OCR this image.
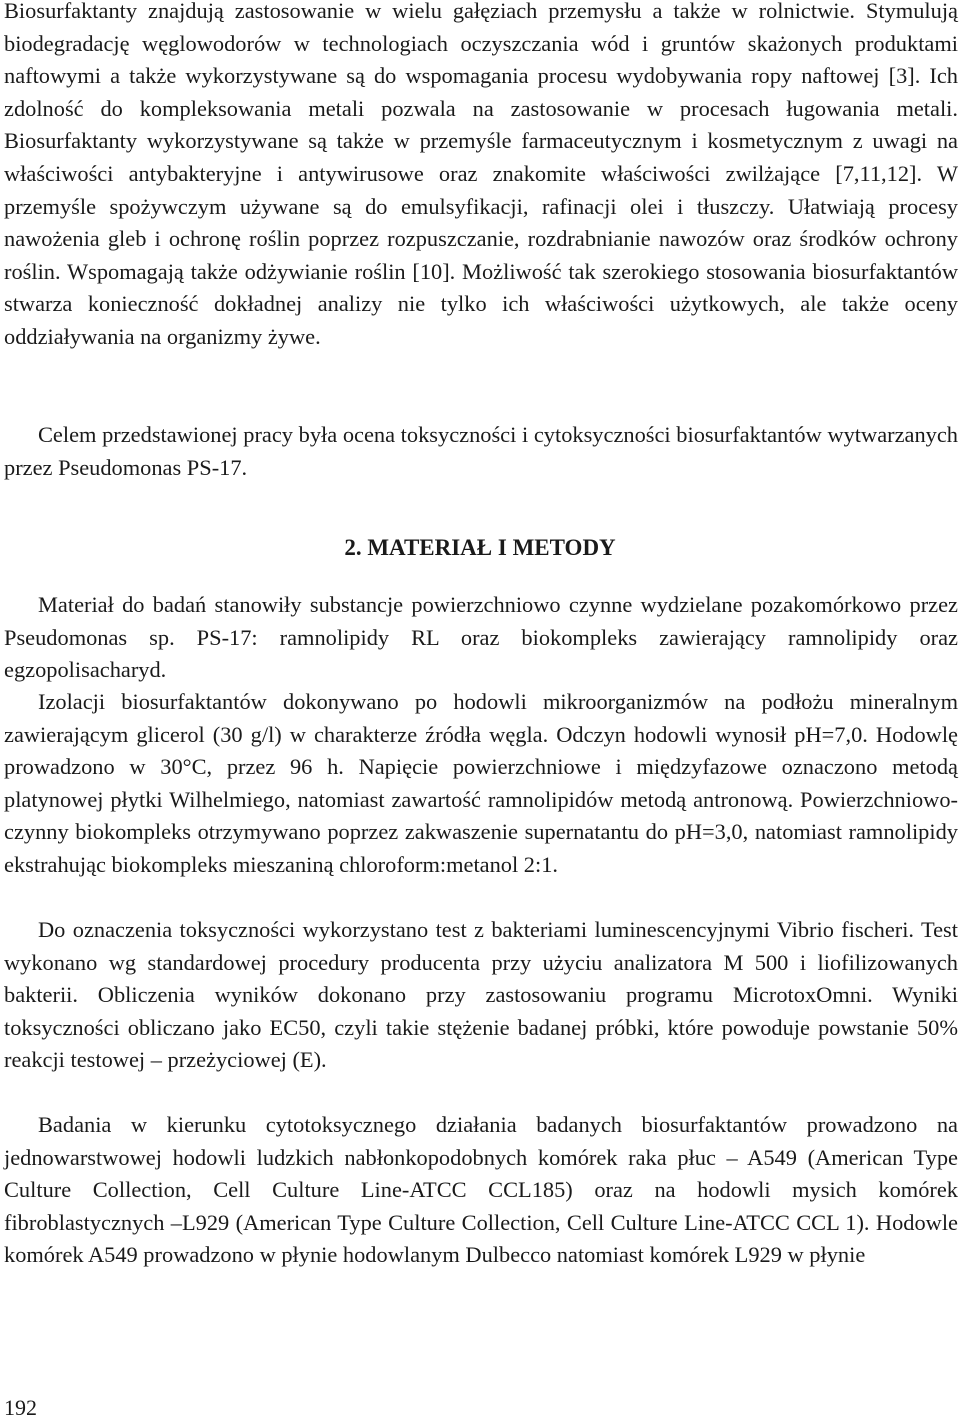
Biosurfaktanty znajdują zastosowanie w wielu gałęziach przemysłu a także w rolnictwie. Stymulują biodegradację węglowodorów w technologiach oczyszczania wód i gruntów skażonych produktami naftowymi a także wykorzystywane są do wspomagania procesu wydobywania ropy naftowej [3]. Ich zdolność do kompleksowania metali pozwala na zastosowanie w procesach ługowania metali. Biosurfaktanty wykorzystywane są także w przemyśle farmaceutycznym i kosmetycznym z uwagi na właściwości antybakteryjne i antywirusowe oraz znakomite właściwości zwilżające [7,11,12]. W przemyśle spożywczym używane są do emulsyfikacji, rafinacji olei i tłuszczy. Ułatwiają procesy nawożenia gleb i ochronę roślin poprzez rozpuszczanie, rozdrabnianie nawozów oraz środków ochrony roślin. Wspomagają także odżywianie roślin [10]. Możliwość tak szerokiego stosowania biosurfaktantów stwarza konieczność dokładnej analizy nie tylko ich właściwości użytkowych, ale także oceny oddziaływania na organizmy żywe.

Celem przedstawionej pracy była ocena toksyczności i cytoksyczności biosurfaktantów wytwarzanych przez Pseudomonas PS-17.

2. MATERIAŁ I METODY

Materiał do badań stanowiły substancje powierzchniowo czynne wydzielane pozakomórkowo przez Pseudomonas sp. PS-17: ramnolipidy RL oraz biokompleks zawierający ramnolipidy oraz egzopolisacharyd.

Izolacji biosurfaktantów dokonywano po hodowli mikroorganizmów na podłożu mineralnym zawierającym glicerol (30 g/l) w charakterze źródła węgla. Odczyn hodowli wynosił pH=7,0. Hodowlę prowadzono w 30°C, przez 96 h. Napięcie powierzchniowe i międzyfazowe oznaczono metodą platynowej płytki Wilhelmiego, natomiast zawartość ramnolipidów metodą antronową. Powierzchniowo-czynny biokompleks otrzymywano poprzez zakwaszenie supernatantu do pH=3,0, natomiast ramnolipidy ekstrahując biokompleks mieszaniną chloroform:metanol 2:1.

Do oznaczenia toksyczności wykorzystano test z bakteriami luminescencyjnymi Vibrio fischeri. Test wykonano wg standardowej procedury producenta przy użyciu analizatora M 500 i liofilizowanych bakterii. Obliczenia wyników dokonano przy zastosowaniu programu MicrotoxOmni. Wyniki toksyczności obliczano jako EC50, czyli takie stężenie badanej próbki, które powoduje powstanie 50% reakcji testowej – przeżyciowej (E).

Badania w kierunku cytotoksycznego działania badanych biosurfaktantów prowadzono na jednowarstwowej hodowli ludzkich nabłonkopodobnych komórek raka płuc – A549 (American Type Culture Collection, Cell Culture Line-ATCC CCL185) oraz na hodowli mysich komórek fibroblastycznych –L929 (American Type Culture Collection, Cell Culture Line-ATCC CCL 1). Hodowle komórek A549 prowadzono w płynie hodowlanym Dulbecco natomiast komórek L929 w płynie

192
